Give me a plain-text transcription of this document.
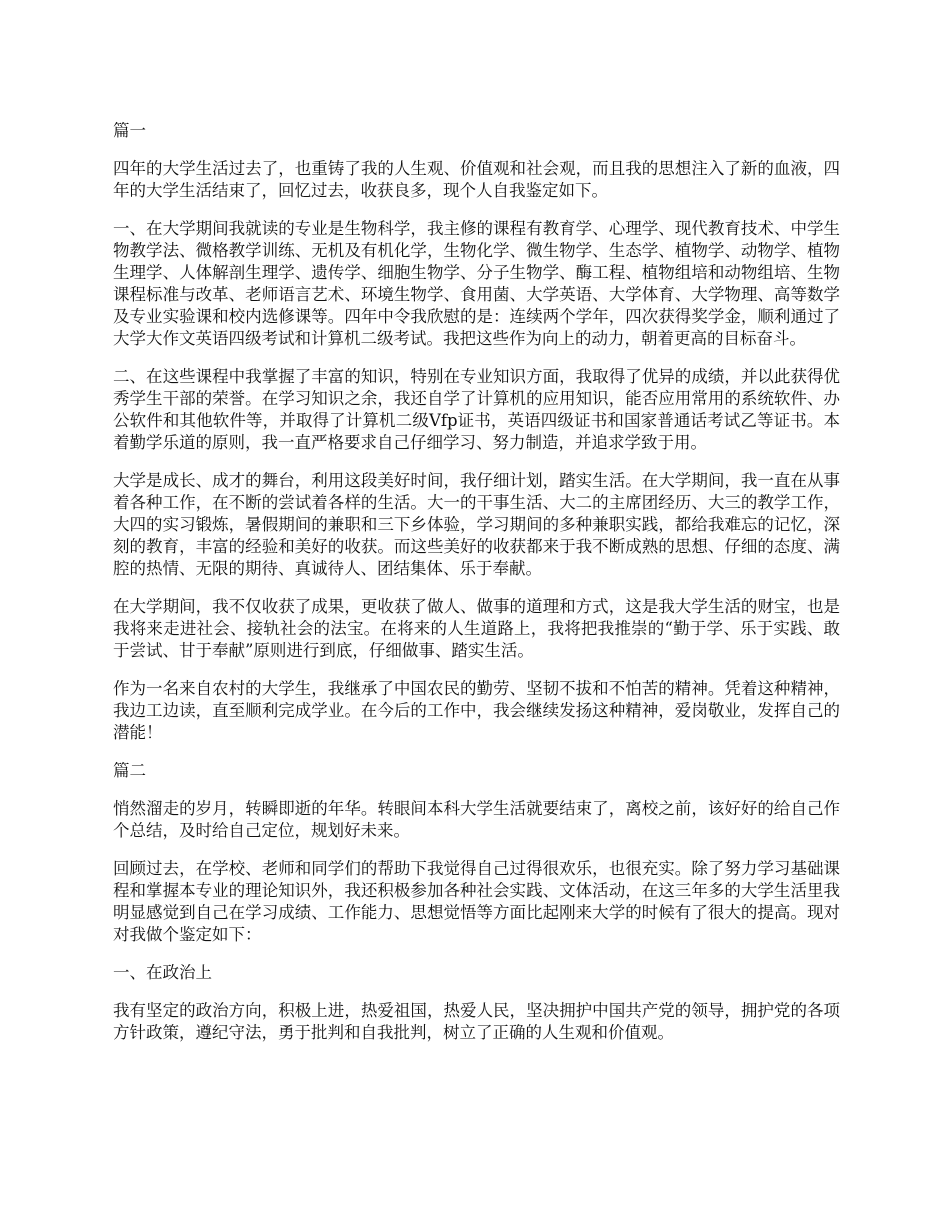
篇一

四年的大学生活过去了，也重铸了我的人生观、价值观和社会观，而且我的思想注入了新的血液，四年的大学生活结束了，回忆过去，收获良多，现个人自我鉴定如下。

一、在大学期间我就读的专业是生物科学，我主修的课程有教育学、心理学、现代教育技术、中学生物教学法、微格教学训练、无机及有机化学，生物化学、微生物学、生态学、植物学、动物学、植物生理学、人体解剖生理学、遗传学、细胞生物学、分子生物学、酶工程、植物组培和动物组培、生物课程标准与改革、老师语言艺术、环境生物学、食用菌、大学英语、大学体育、大学物理、高等数学及专业实验课和校内选修课等。四年中令我欣慰的是：连续两个学年，四次获得奖学金，顺利通过了大学大作文英语四级考试和计算机二级考试。我把这些作为向上的动力，朝着更高的目标奋斗。

二、在这些课程中我掌握了丰富的知识，特别在专业知识方面，我取得了优异的成绩，并以此获得优秀学生干部的荣誉。在学习知识之余，我还自学了计算机的应用知识，能否应用常用的系统软件、办公软件和其他软件等，并取得了计算机二级Vfp证书，英语四级证书和国家普通话考试乙等证书。本着勤学乐道的原则，我一直严格要求自己仔细学习、努力制造，并追求学致于用。

大学是成长、成才的舞台，利用这段美好时间，我仔细计划，踏实生活。在大学期间，我一直在从事着各种工作，在不断的尝试着各样的生活。大一的干事生活、大二的主席团经历、大三的教学工作，大四的实习锻炼，暑假期间的兼职和三下乡体验，学习期间的多种兼职实践，都给我难忘的记忆，深刻的教育，丰富的经验和美好的收获。而这些美好的收获都来于我不断成熟的思想、仔细的态度、满腔的热情、无限的期待、真诚待人、团结集体、乐于奉献。

在大学期间，我不仅收获了成果，更收获了做人、做事的道理和方式，这是我大学生活的财宝，也是我将来走进社会、接轨社会的法宝。在将来的人生道路上，我将把我推崇的“勤于学、乐于实践、敢于尝试、甘于奉献”原则进行到底，仔细做事、踏实生活。

作为一名来自农村的大学生，我继承了中国农民的勤劳、坚韧不拔和不怕苦的精神。凭着这种精神，我边工边读，直至顺利完成学业。在今后的工作中，我会继续发扬这种精神，爱岗敬业，发挥自己的潜能！

篇二

悄然溜走的岁月，转瞬即逝的年华。转眼间本科大学生活就要结束了，离校之前，该好好的给自己作个总结，及时给自己定位，规划好未来。

回顾过去，在学校、老师和同学们的帮助下我觉得自己过得很欢乐，也很充实。除了努力学习基础课程和掌握本专业的理论知识外，我还积极参加各种社会实践、文体活动，在这三年多的大学生活里我明显感觉到自己在学习成绩、工作能力、思想觉悟等方面比起刚来大学的时候有了很大的提高。现对对我做个鉴定如下：

一、在政治上

我有坚定的政治方向，积极上进，热爱祖国，热爱人民，坚决拥护中国共产党的领导，拥护党的各项方针政策，遵纪守法，勇于批判和自我批判，树立了正确的人生观和价值观。
